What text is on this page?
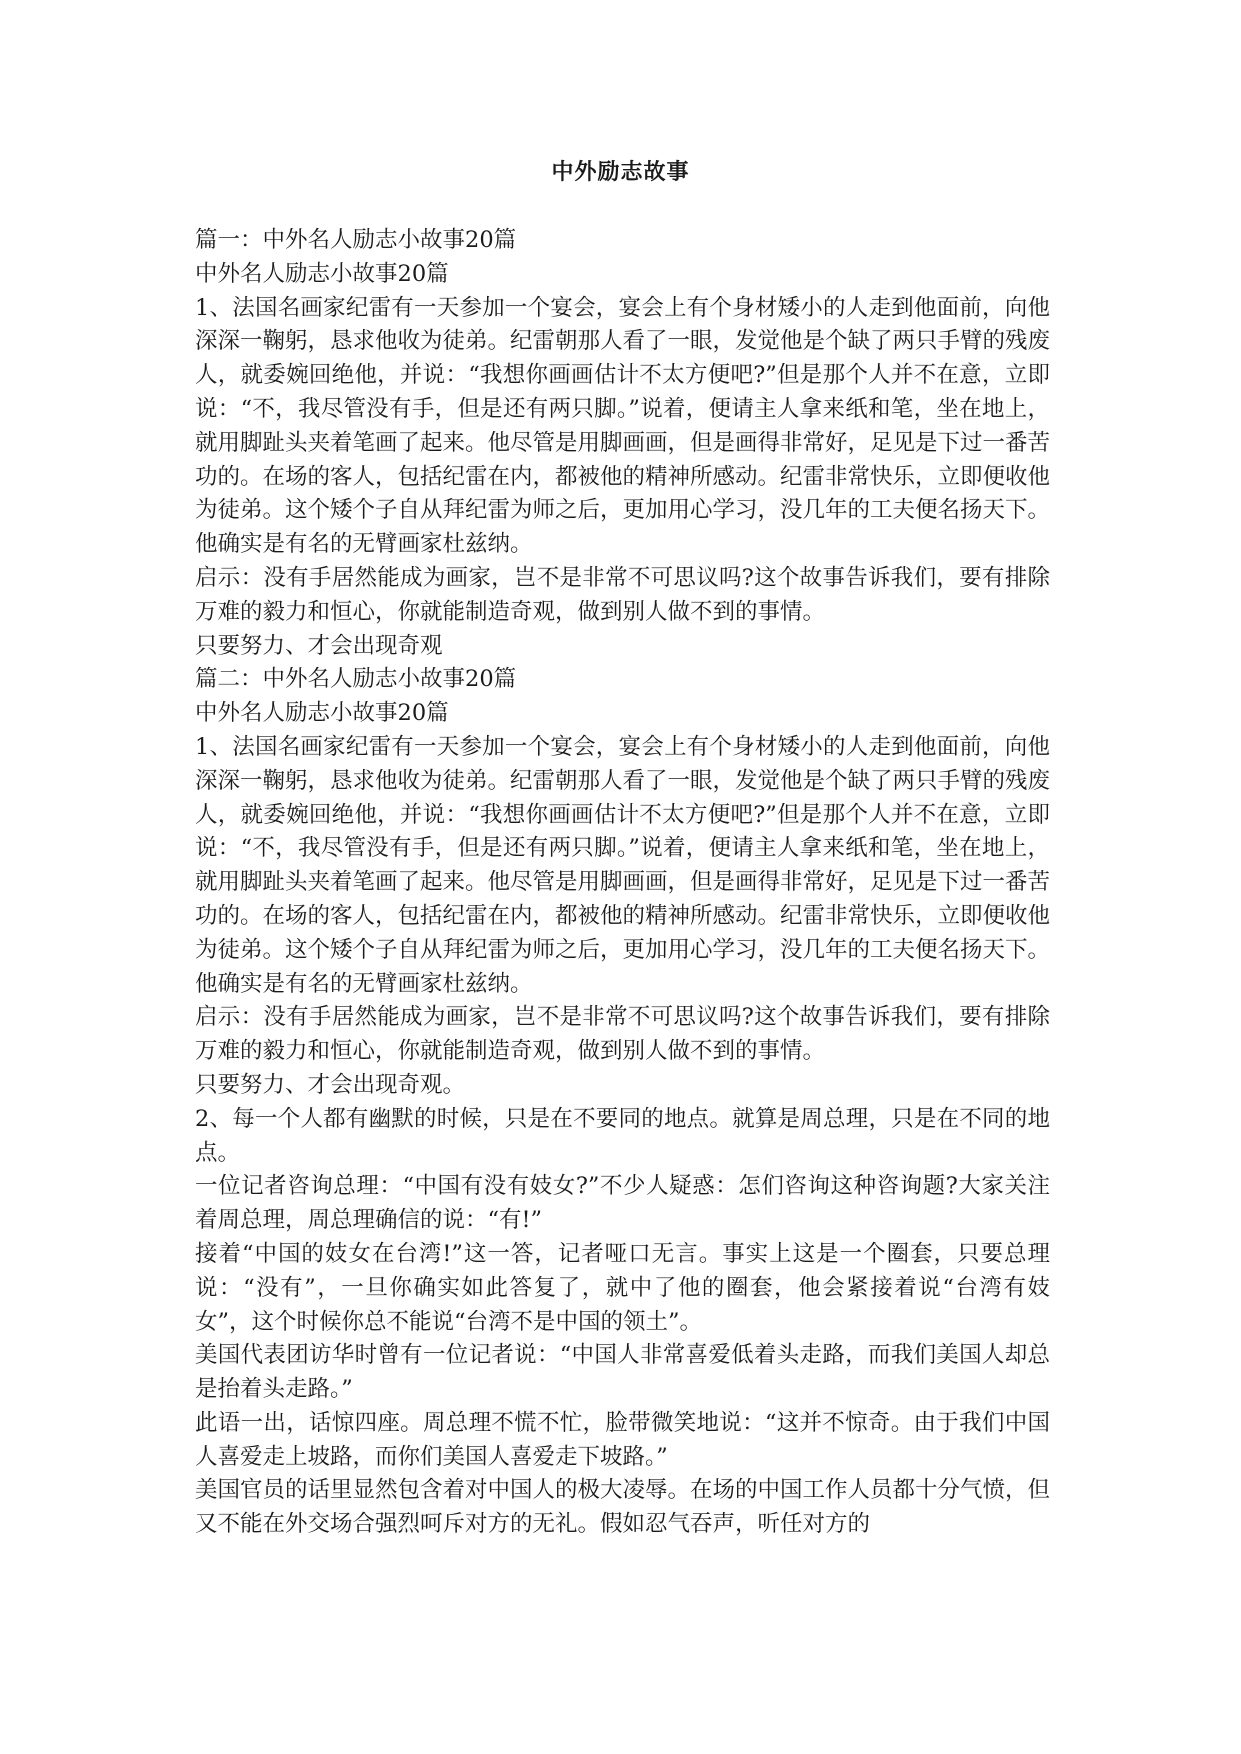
中外励志故事

篇一：中外名人励志小故事20篇

中外名人励志小故事20篇

1、法国名画家纪雷有一天参加一个宴会，宴会上有个身材矮小的人走到他面前，向他深深一鞠躬，恳求他收为徒弟。纪雷朝那人看了一眼，发觉他是个缺了两只手臂的残废人，就委婉回绝他，并说：“我想你画画估计不太方便吧?”但是那个人并不在意，立即说：“不，我尽管没有手，但是还有两只脚。”说着，便请主人拿来纸和笔，坐在地上，就用脚趾头夹着笔画了起来。他尽管是用脚画画，但是画得非常好，足见是下过一番苦功的。在场的客人，包括纪雷在内，都被他的精神所感动。纪雷非常快乐，立即便收他为徒弟。这个矮个子自从拜纪雷为师之后，更加用心学习，没几年的工夫便名扬天下。他确实是有名的无臂画家杜兹纳。

启示：没有手居然能成为画家，岂不是非常不可思议吗?这个故事告诉我们，要有排除万难的毅力和恒心，你就能制造奇观，做到别人做不到的事情。

只要努力、才会出现奇观

篇二：中外名人励志小故事20篇

中外名人励志小故事20篇

1、法国名画家纪雷有一天参加一个宴会，宴会上有个身材矮小的人走到他面前，向他深深一鞠躬，恳求他收为徒弟。纪雷朝那人看了一眼，发觉他是个缺了两只手臂的残废人，就委婉回绝他，并说：“我想你画画估计不太方便吧?”但是那个人并不在意，立即说：“不，我尽管没有手，但是还有两只脚。”说着，便请主人拿来纸和笔，坐在地上，就用脚趾头夹着笔画了起来。他尽管是用脚画画，但是画得非常好，足见是下过一番苦功的。在场的客人，包括纪雷在内，都被他的精神所感动。纪雷非常快乐，立即便收他为徒弟。这个矮个子自从拜纪雷为师之后，更加用心学习，没几年的工夫便名扬天下。他确实是有名的无臂画家杜兹纳。

启示：没有手居然能成为画家，岂不是非常不可思议吗?这个故事告诉我们，要有排除万难的毅力和恒心，你就能制造奇观，做到别人做不到的事情。

只要努力、才会出现奇观。

2、每一个人都有幽默的时候，只是在不要同的地点。就算是周总理，只是在不同的地点。

一位记者咨询总理：“中国有没有妓女?”不少人疑惑：怎们咨询这种咨询题?大家关注着周总理，周总理确信的说：“有!”

接着“中国的妓女在台湾!”这一答，记者哑口无言。事实上这是一个圈套，只要总理说：“没有”，一旦你确实如此答复了，就中了他的圈套，他会紧接着说“台湾有妓女”，这个时候你总不能说“台湾不是中国的领土”。

美国代表团访华时曾有一位记者说：“中国人非常喜爱低着头走路，而我们美国人却总是抬着头走路。”

此语一出，话惊四座。周总理不慌不忙，脸带微笑地说：“这并不惊奇。由于我们中国人喜爱走上坡路，而你们美国人喜爱走下坡路。”

美国官员的话里显然包含着对中国人的极大凌辱。在场的中国工作人员都十分气愤，但又不能在外交场合强烈呵斥对方的无礼。假如忍气吞声，听任对方的
